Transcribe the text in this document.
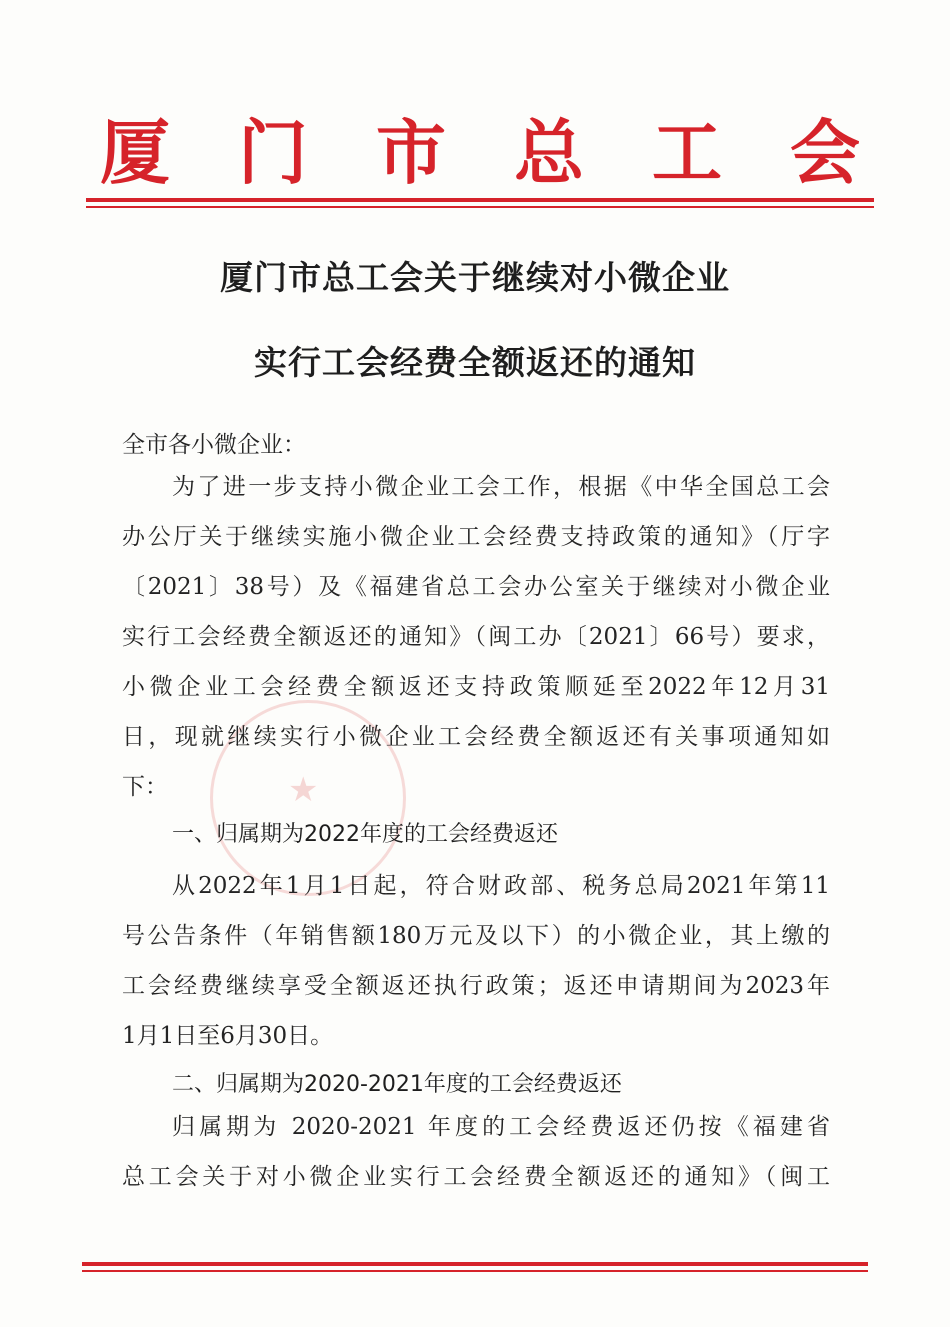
厦 门 市 总 工 会
厦门市总工会关于继续对小微企业
实行工会经费全额返还的通知
★
全市各小微企业：
为了进一步支持小微企业工会工作，根据《中华全国总工会
办公厅关于继续实施小微企业工会经费支持政策的通知》（厅字
〔2021〕38号）及《福建省总工会办公室关于继续对小微企业
实行工会经费全额返还的通知》（闽工办〔2021〕66号）要求，
小微企业工会经费全额返还支持政策顺延至2022年12月31
日，现就继续实行小微企业工会经费全额返还有关事项通知如
下：
一、归属期为2022年度的工会经费返还
从2022年1月1日起，符合财政部、税务总局2021年第11
号公告条件（年销售额180万元及以下）的小微企业，其上缴的
工会经费继续享受全额返还执行政策；返还申请期间为2023年
1月1日至6月30日。
二、归属期为2020-2021年度的工会经费返还
归属期为 2020-2021 年度的工会经费返还仍按《福建省
总工会关于对小微企业实行工会经费全额返还的通知》（闽工
